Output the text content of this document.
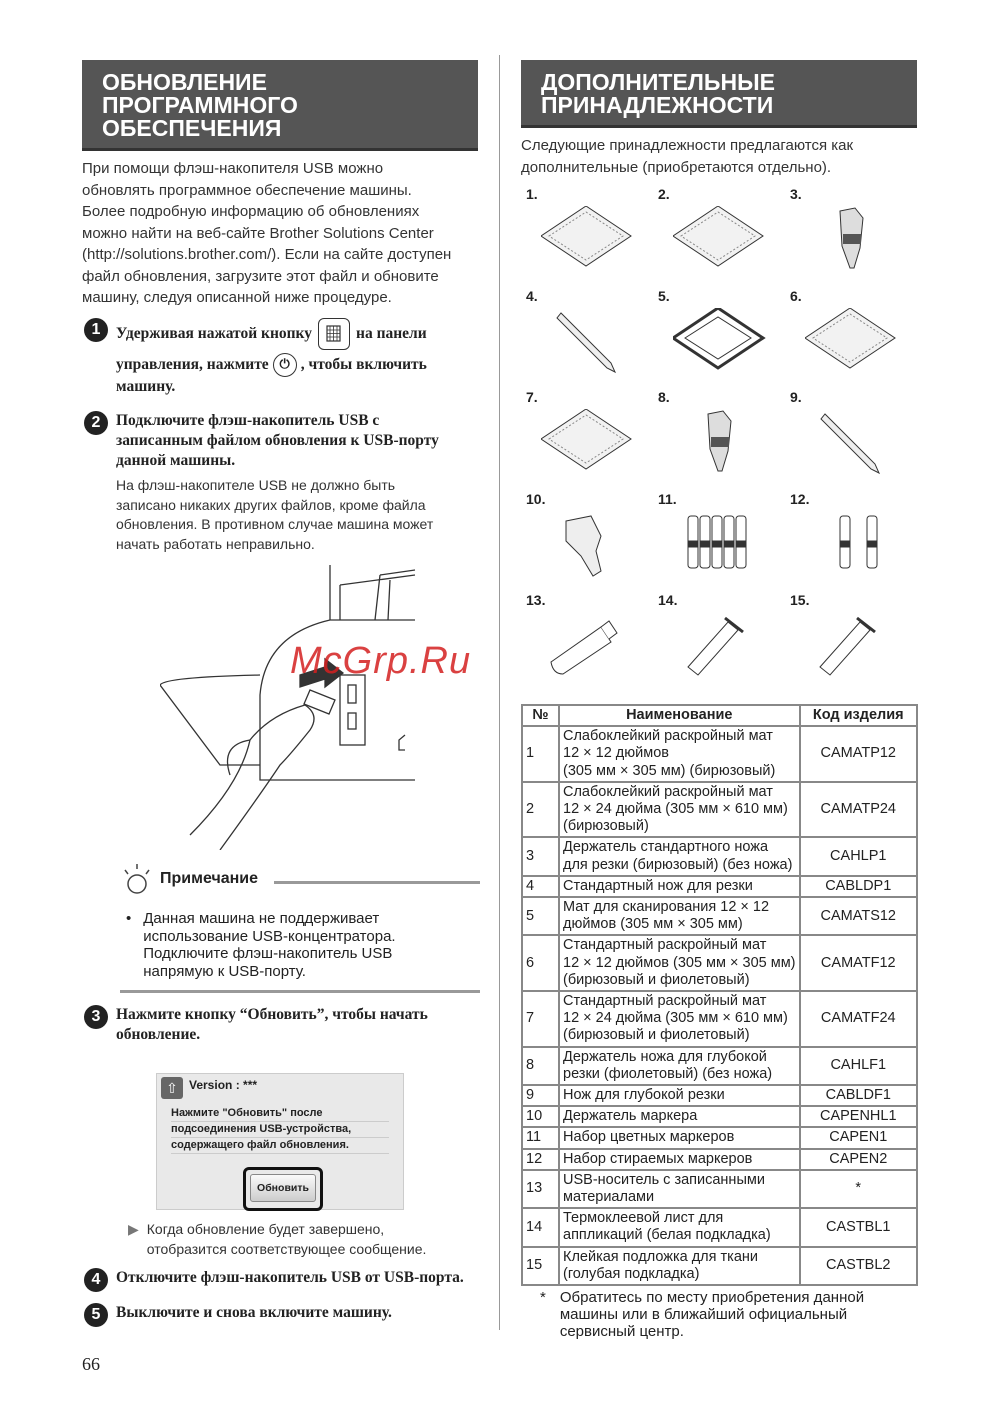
ОБНОВЛЕНИЕ
ПРОГРАММНОГО
ОБЕСПЕЧЕНИЯ
При помощи флэш-накопителя USB можно
обновлять программное обеспечение машины.
Более подробную информацию об обновлениях
можно найти на веб-сайте Brother Solutions Center
(http://solutions.brother.com/). Если на сайте доступен
файл обновления, загрузите этот файл и обновите
машину, следуя описанной ниже процедуре.
1	Удерживая нажатой кнопку	на панели
управления, нажмите ⏻ , чтобы включить
машину.
2	Подключите флэш-накопитель USB с
записанным файлом обновления к USB-порту
данной машины.
На флэш-накопителе USB не должно быть
записано никаких других файлов, кроме файла
обновления. В противном случае машина может
начать работать неправильно.
Примечание
• Данная машина не поддерживает
использование USB-концентратора.
Подключите флэш-накопитель USB
напрямую к USB-порту.
3	Нажмите кнопку “Обновить”, чтобы начать
обновление.
⇧ Version : ***
Нажмите "Обновить" после
подсоединения USB-устройства,
содержащего файл обновления.
Обновить
▶ Когда обновление будет завершено,
отобразится соответствующее сообщение.
4	Отключите флэш-накопитель USB от USB-порта.
5	Выключите и снова включите машину.
66
ДОПОЛНИТЕЛЬНЫЕ
ПРИНАДЛЕЖНОСТИ
Следующие принадлежности предлагаются как
дополнительные (приобретаются отдельно).
1.	2.	3.
4.	5.	6.
7.	8.	9.
10.	11.	12.
13.	14.	15.
№	Наименование	Код изделия
1	Слабоклейкий раскройный мат
12 × 12 дюймов
(305 мм × 305 мм) (бирюзовый)	CAMATP12
2	Слабоклейкий раскройный мат
12 × 24 дюйма (305 мм × 610 мм)
(бирюзовый)	CAMATP24
3	Держатель стандартного ножа
для резки (бирюзовый) (без ножа)	CAHLP1
4	Стандартный нож для резки	CABLDP1
5	Мат для сканирования 12 × 12
дюймов (305 мм × 305 мм)	CAMATS12
6	Стандартный раскройный мат
12 × 12 дюймов (305 мм × 305 мм)
(бирюзовый и фиолетовый)	CAMATF12
7	Стандартный раскройный мат
12 × 24 дюйма (305 мм × 610 мм)
(бирюзовый и фиолетовый)	CAMATF24
8	Держатель ножа для глубокой
резки (фиолетовый) (без ножа)	CAHLF1
9	Нож для глубокой резки	CABLDF1
10	Держатель маркера	CAPENHL1
11	Набор цветных маркеров	CAPEN1
12	Набор стираемых маркеров	CAPEN2
13	USB-носитель с записанными
материалами	*
14	Термоклеевой лист для
аппликаций (белая подкладка)	CASTBL1
15	Клейкая подложка для ткани
(голубая подкладка)	CASTBL2
* Обратитесь по месту приобретения данной
машины или в ближайший официальный
сервисный центр.
McGrp.Ru
